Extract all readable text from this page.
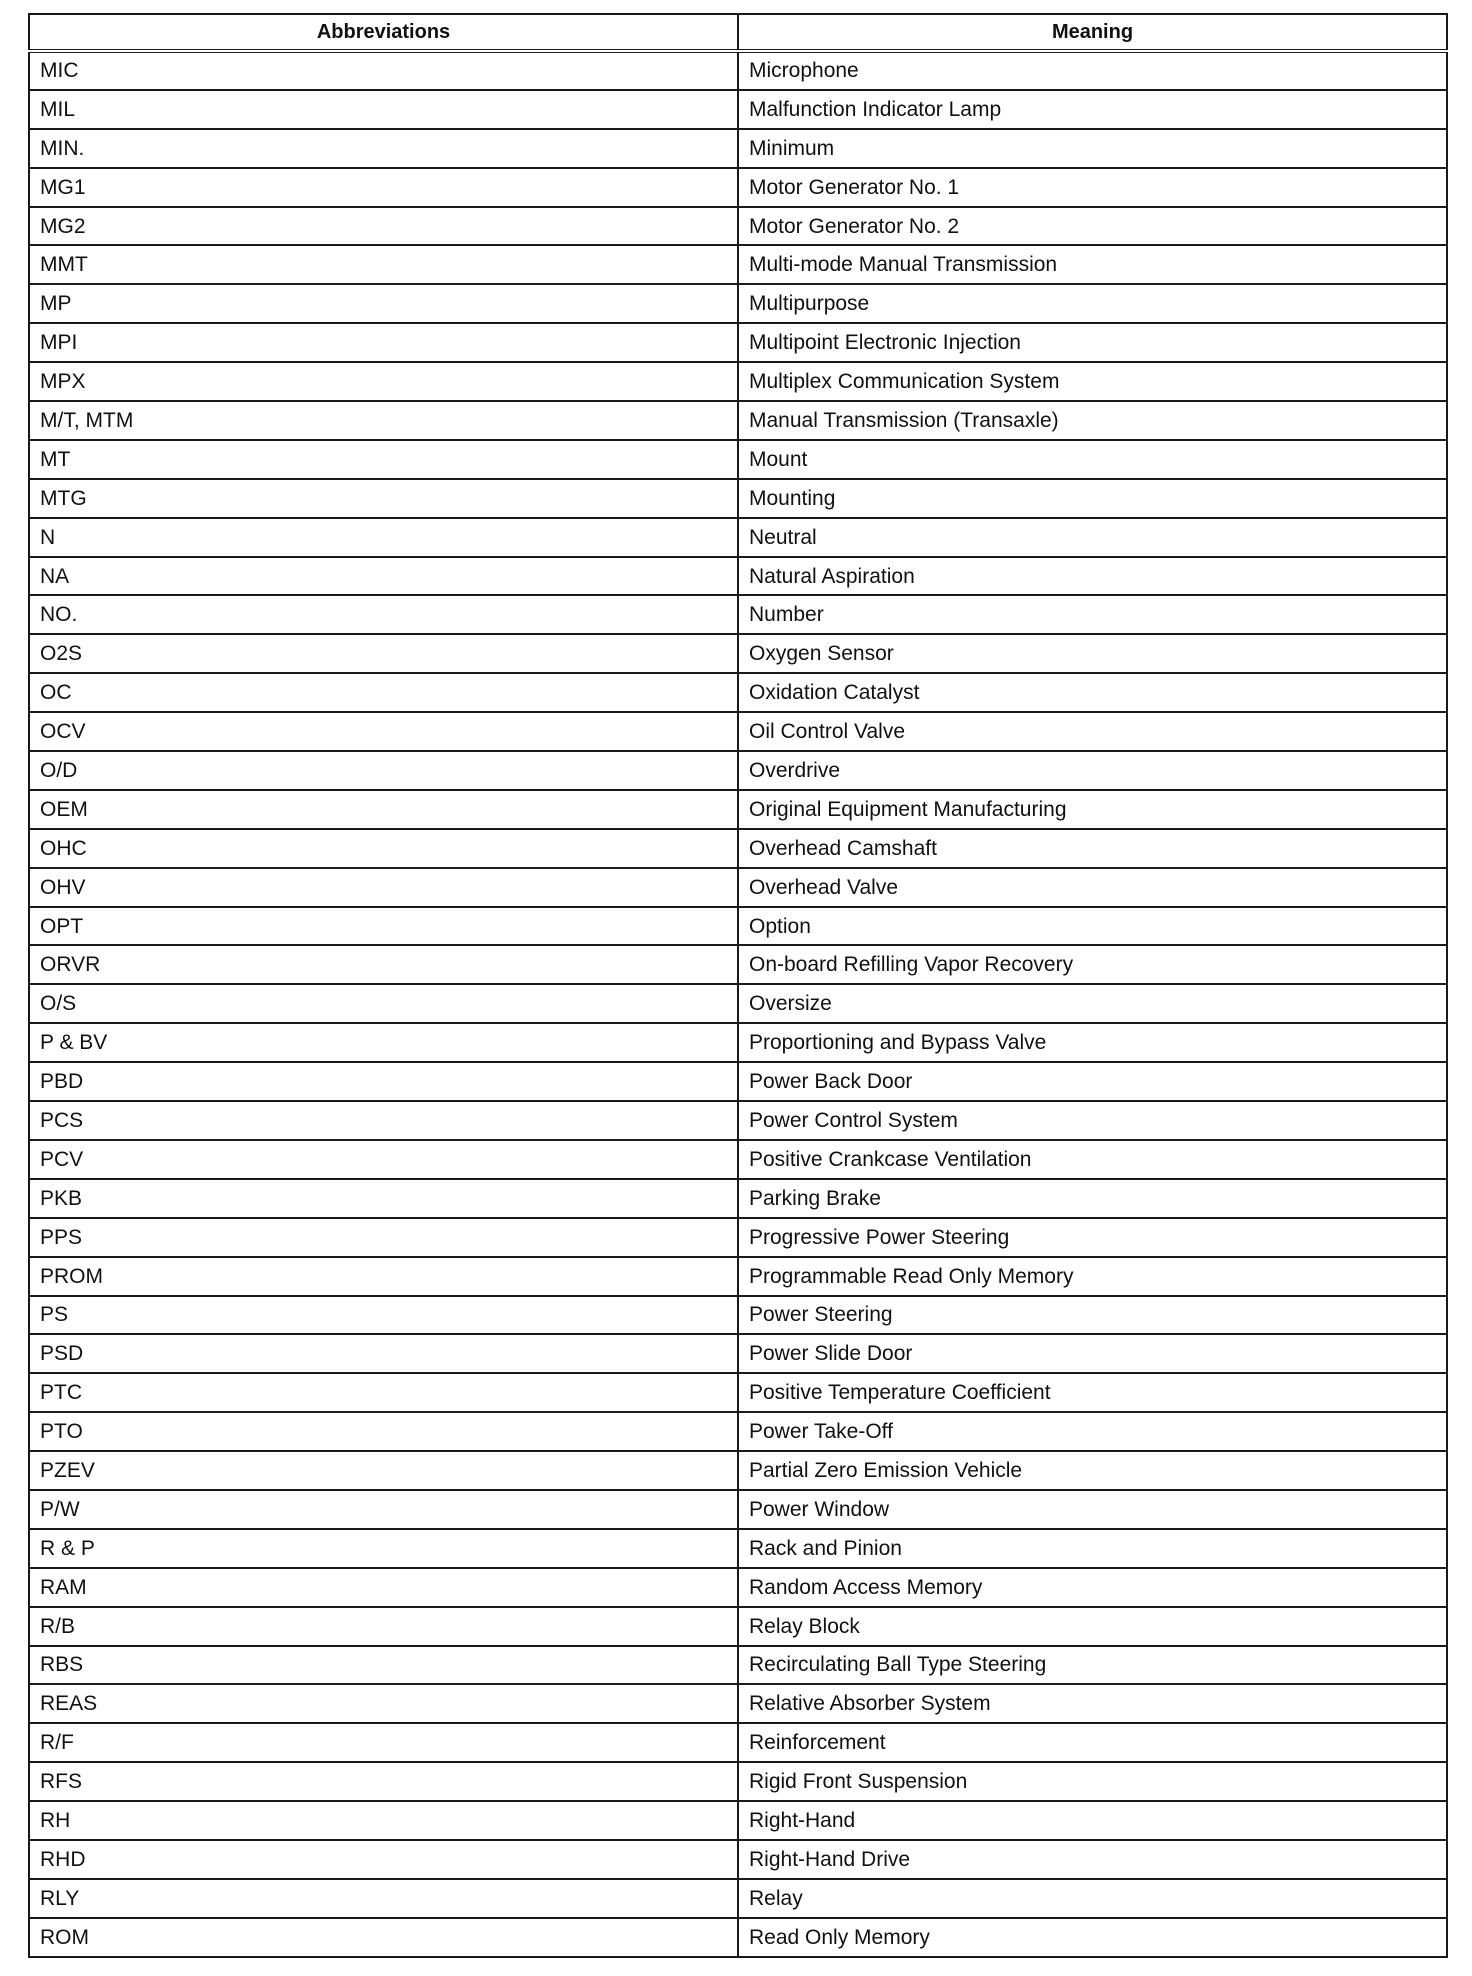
Abbreviations	Meaning
MIC	Microphone
MIL	Malfunction Indicator Lamp
MIN.	Minimum
MG1	Motor Generator No. 1
MG2	Motor Generator No. 2
MMT	Multi-mode Manual Transmission
MP	Multipurpose
MPI	Multipoint Electronic Injection
MPX	Multiplex Communication System
M/T, MTM	Manual Transmission (Transaxle)
MT	Mount
MTG	Mounting
N	Neutral
NA	Natural Aspiration
NO.	Number
O2S	Oxygen Sensor
OC	Oxidation Catalyst
OCV	Oil Control Valve
O/D	Overdrive
OEM	Original Equipment Manufacturing
OHC	Overhead Camshaft
OHV	Overhead Valve
OPT	Option
ORVR	On-board Refilling Vapor Recovery
O/S	Oversize
P & BV	Proportioning and Bypass Valve
PBD	Power Back Door
PCS	Power Control System
PCV	Positive Crankcase Ventilation
PKB	Parking Brake
PPS	Progressive Power Steering
PROM	Programmable Read Only Memory
PS	Power Steering
PSD	Power Slide Door
PTC	Positive Temperature Coefficient
PTO	Power Take-Off
PZEV	Partial Zero Emission Vehicle
P/W	Power Window
R & P	Rack and Pinion
RAM	Random Access Memory
R/B	Relay Block
RBS	Recirculating Ball Type Steering
REAS	Relative Absorber System
R/F	Reinforcement
RFS	Rigid Front Suspension
RH	Right-Hand
RHD	Right-Hand Drive
RLY	Relay
ROM	Read Only Memory
